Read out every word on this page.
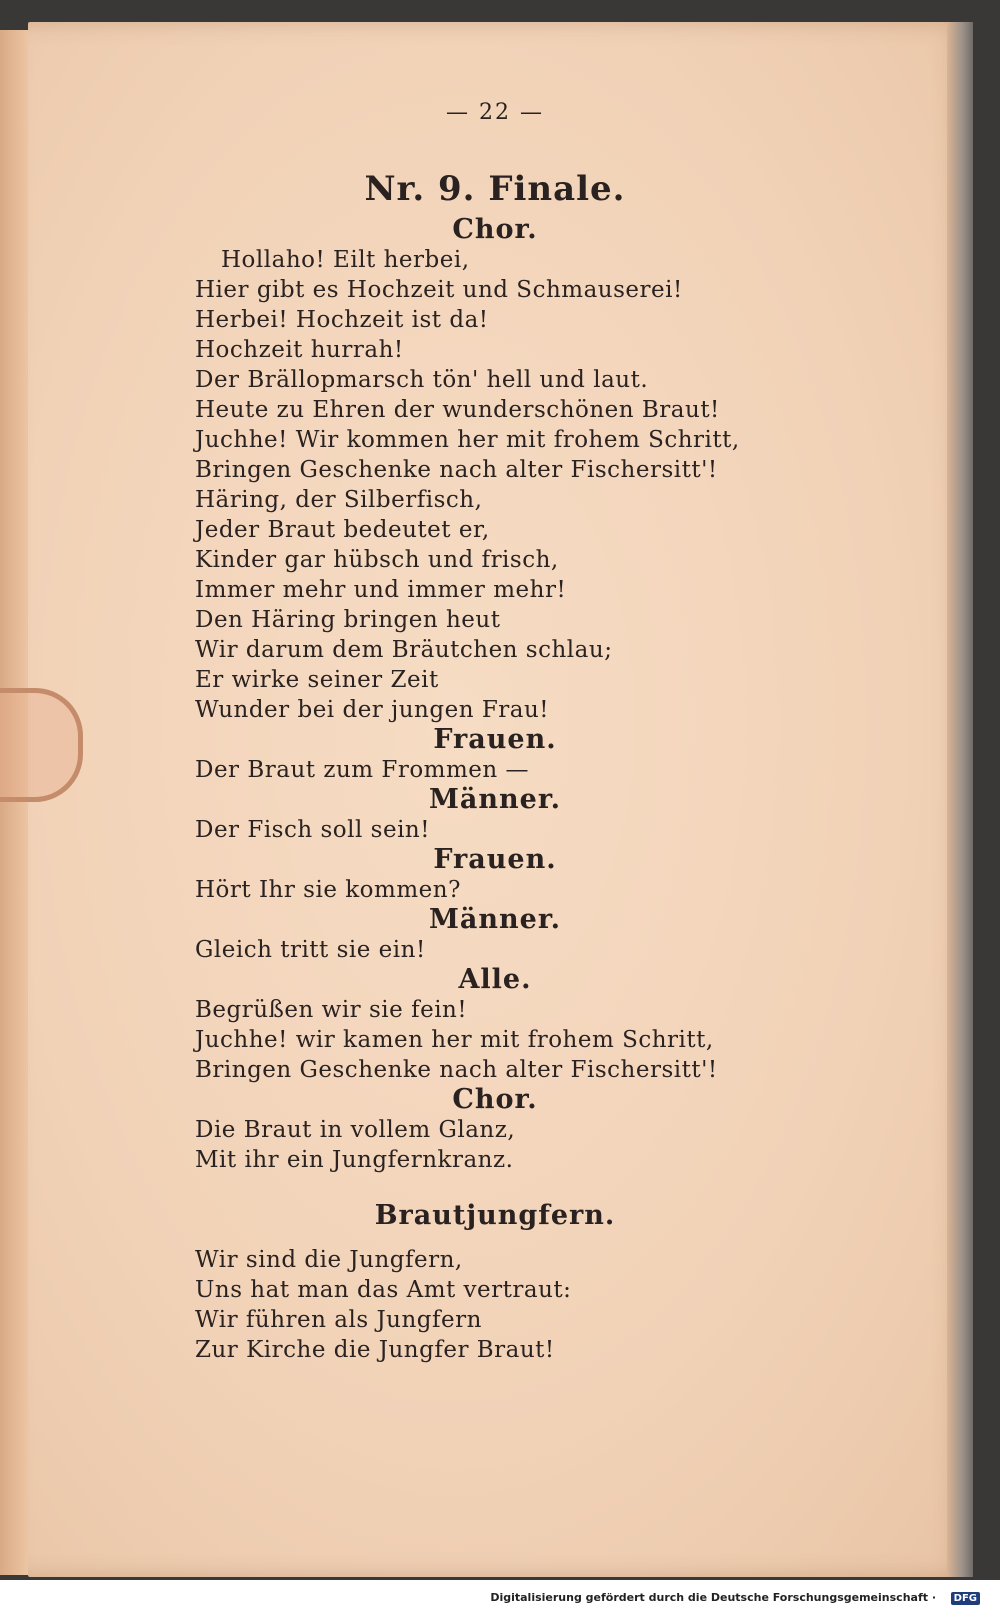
— 22 —
Nr. 9. Finale.
Chor.
Hollaho! Eilt herbei,
Hier gibt es Hochzeit und Schmauserei!
Herbei! Hochzeit ist da!
Hochzeit hurrah!
Der Brällopmarsch tön' hell und laut.
Heute zu Ehren der wunderschönen Braut!
Juchhe! Wir kommen her mit frohem Schritt,
Bringen Geschenke nach alter Fischersitt'!
Häring, der Silberfisch,
Jeder Braut bedeutet er,
Kinder gar hübsch und frisch,
Immer mehr und immer mehr!
Den Häring bringen heut
Wir darum dem Bräutchen schlau;
Er wirke seiner Zeit
Wunder bei der jungen Frau!
Frauen.
Der Braut zum Frommen —
Männer.
Der Fisch soll sein!
Frauen.
Hört Ihr sie kommen?
Männer.
Gleich tritt sie ein!
Alle.
Begrüßen wir sie fein!
Juchhe! wir kamen her mit frohem Schritt,
Bringen Geschenke nach alter Fischersitt'!
Chor.
Die Braut in vollem Glanz,
Mit ihr ein Jungfernkranz.
Brautjungfern.
Wir sind die Jungfern,
Uns hat man das Amt vertraut:
Wir führen als Jungfern
Zur Kirche die Jungfer Braut!
Digitalisierung gefördert durch die Deutsche Forschungsgemeinschaft ·	DFG
